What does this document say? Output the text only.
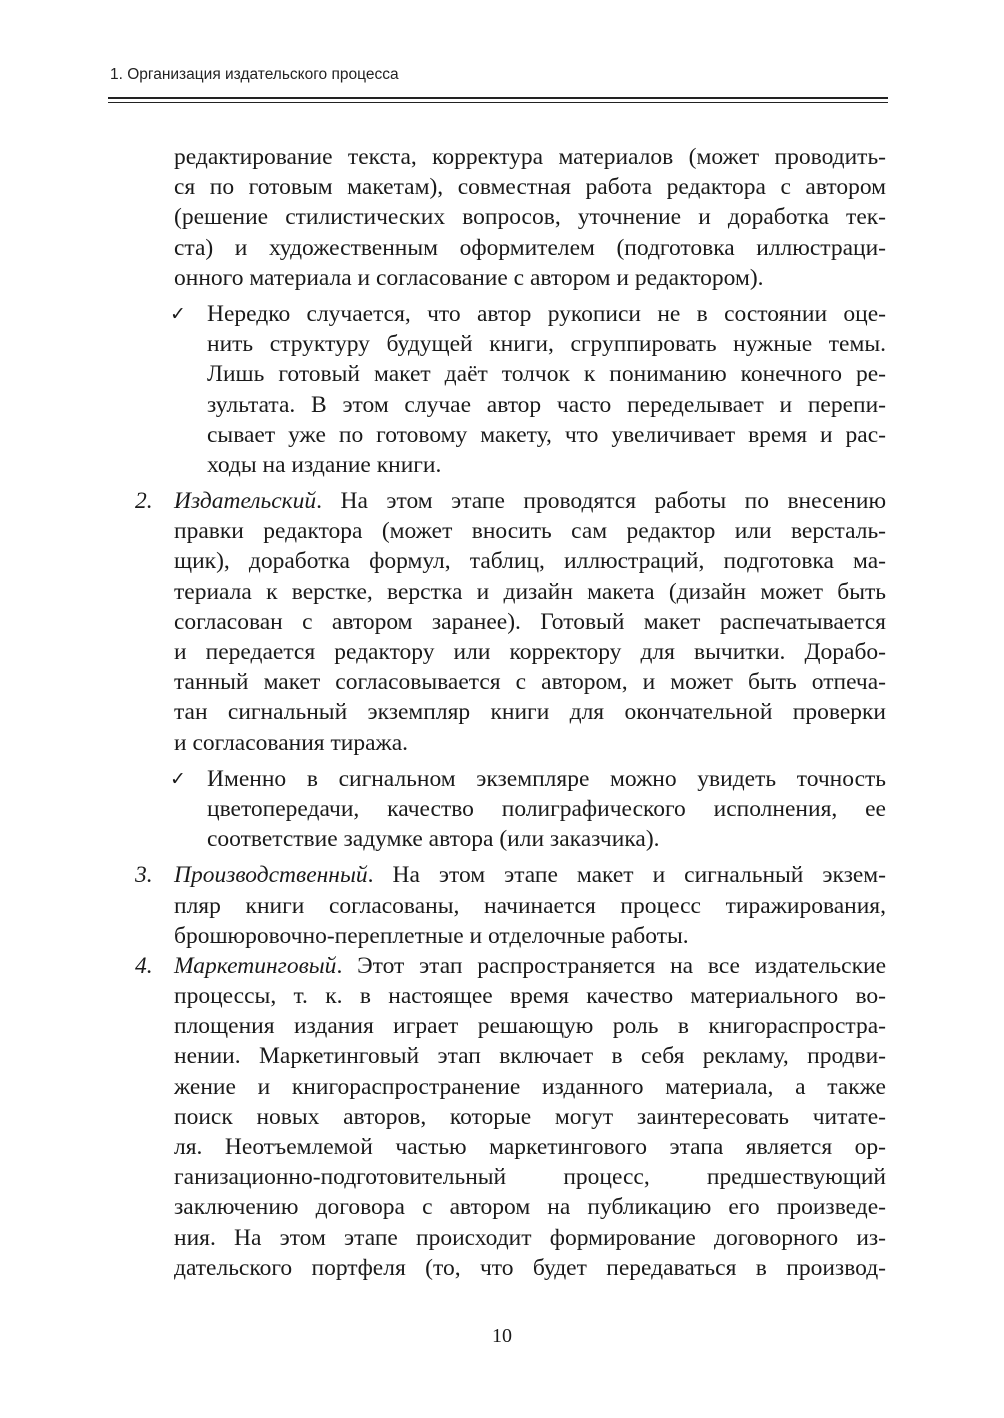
1. Организация издательского процесса
редактирование текста, корректура материалов (может проводить-
ся по готовым макетам), совместная работа редактора с автором
(решение стилистических вопросов, уточнение и доработка тек-
ста) и художественным оформителем (подготовка иллюстраци-
онного материала и согласование с автором и редактором).
✓ Нередко случается, что автор рукописи не в состоянии оце-
нить структуру будущей книги, сгруппировать нужные темы.
Лишь готовый макет даёт толчок к пониманию конечного ре-
зультата. В этом случае автор часто переделывает и перепи-
сывает уже по готовому макету, что увеличивает время и рас-
ходы на издание книги.
2. Издательский. На этом этапе проводятся работы по внесению
правки редактора (может вносить сам редактор или версталь-
щик), доработка формул, таблиц, иллюстраций, подготовка ма-
териала к верстке, верстка и дизайн макета (дизайн может быть
согласован с автором заранее). Готовый макет распечатывается
и передается редактору или корректору для вычитки. Дорабо-
танный макет согласовывается с автором, и может быть отпеча-
тан сигнальный экземпляр книги для окончательной проверки
и согласования тиража.
✓ Именно в сигнальном экземпляре можно увидеть точность
цветопередачи, качество полиграфического исполнения, ее
соответствие задумке автора (или заказчика).
3. Производственный. На этом этапе макет и сигнальный экзем-
пляр книги согласованы, начинается процесс тиражирования,
брошюровочно-переплетные и отделочные работы.
4. Маркетинговый. Этот этап распространяется на все издательские
процессы, т. к. в настоящее время качество материального во-
площения издания играет решающую роль в книгораспростра-
нении. Маркетинговый этап включает в себя рекламу, продви-
жение и книгораспространение изданного материала, а также
поиск новых авторов, которые могут заинтересовать читате-
ля. Неотъемлемой частью маркетингового этапа является ор-
ганизационно-подготовительный процесс, предшествующий
заключению договора с автором на публикацию его произведе-
ния. На этом этапе происходит формирование договорного из-
дательского портфеля (то, что будет передаваться в производ-
10
